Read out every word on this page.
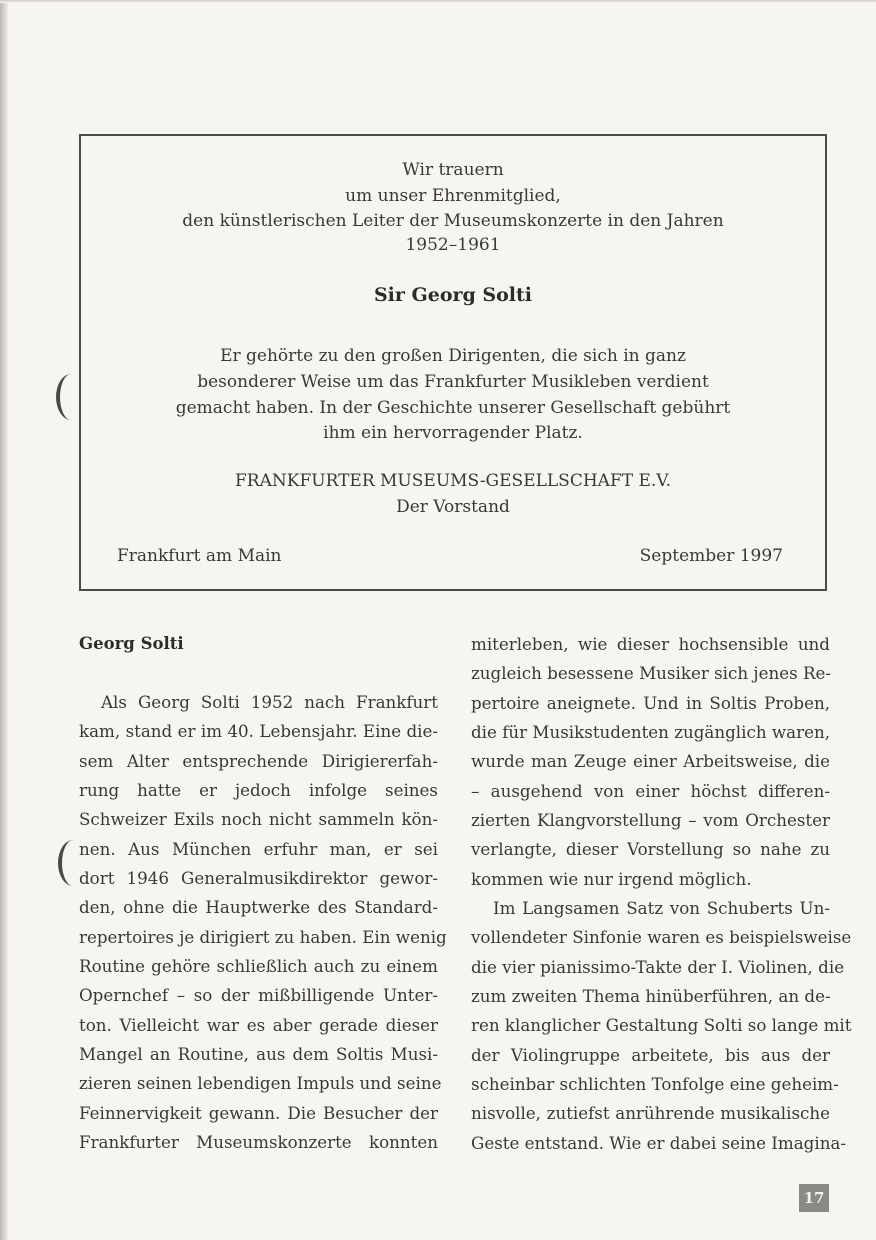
Wir trauern
um unser Ehrenmitglied,
den künstlerischen Leiter der Museumskonzerte in den Jahren
1952–1961
Sir Georg Solti
Er gehörte zu den großen Dirigenten, die sich in ganz
besonderer Weise um das Frankfurter Musikleben verdient
gemacht haben. In der Geschichte unserer Gesellschaft gebührt
ihm ein hervorragender Platz.
FRANKFURTER MUSEUMS-GESELLSCHAFT E.V.
Der Vorstand
Frankfurt am Main	September 1997
Georg Solti
Als Georg Solti 1952 nach Frankfurt
kam, stand er im 40. Lebensjahr. Eine die-
sem Alter entsprechende Dirigiererfah-
rung hatte er jedoch infolge seines
Schweizer Exils noch nicht sammeln kön-
nen. Aus München erfuhr man, er sei
dort 1946 Generalmusikdirektor gewor-
den, ohne die Hauptwerke des Standard-
repertoires je dirigiert zu haben. Ein wenig
Routine gehöre schließlich auch zu einem
Opernchef – so der mißbilligende Unter-
ton. Vielleicht war es aber gerade dieser
Mangel an Routine, aus dem Soltis Musi-
zieren seinen lebendigen Impuls und seine
Feinnervigkeit gewann. Die Besucher der
Frankfurter Museumskonzerte konnten
miterleben, wie dieser hochsensible und
zugleich besessene Musiker sich jenes Re-
pertoire aneignete. Und in Soltis Proben,
die für Musikstudenten zugänglich waren,
wurde man Zeuge einer Arbeitsweise, die
– ausgehend von einer höchst differen-
zierten Klangvorstellung – vom Orchester
verlangte, dieser Vorstellung so nahe zu
kommen wie nur irgend möglich.
Im Langsamen Satz von Schuberts Un-
vollendeter Sinfonie waren es beispielsweise
die vier pianissimo-Takte der I. Violinen, die
zum zweiten Thema hinüberführen, an de-
ren klanglicher Gestaltung Solti so lange mit
der Violingruppe arbeitete, bis aus der
scheinbar schlichten Tonfolge eine geheim-
nisvolle, zutiefst anrührende musikalische
Geste entstand. Wie er dabei seine Imagina-
17
